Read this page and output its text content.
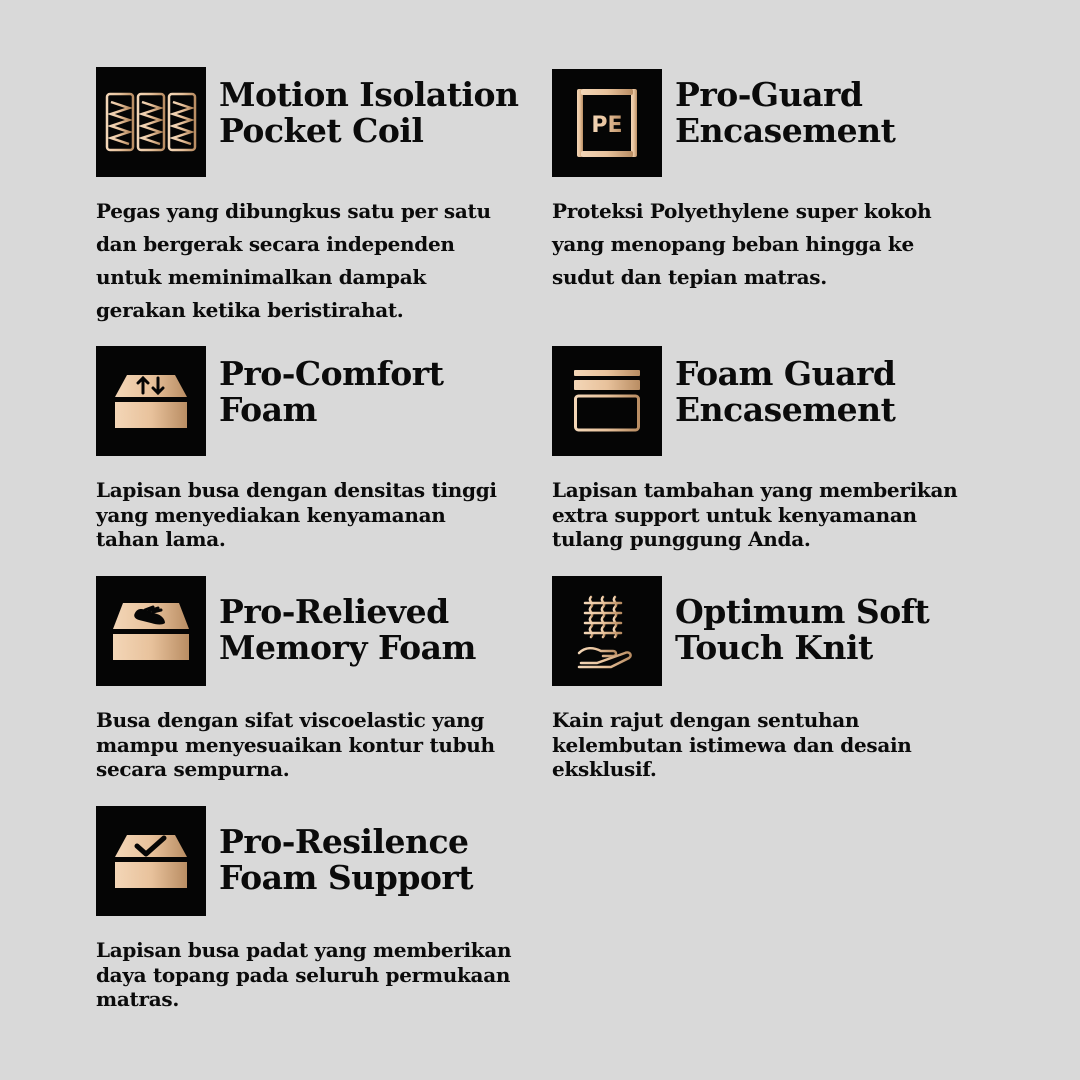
Motion Isolation
Pocket Coil
Pegas yang dibungkus satu per satu
dan bergerak secara independen
untuk meminimalkan dampak
gerakan ketika beristirahat.
PE
Pro-Guard
Encasement
Proteksi Polyethylene super kokoh
yang menopang beban hingga ke
sudut dan tepian matras.
Pro-Comfort
Foam
Lapisan busa dengan densitas tinggi
yang menyediakan kenyamanan
tahan lama.
Foam Guard
Encasement
Lapisan tambahan yang memberikan
extra support untuk kenyamanan
tulang punggung Anda.
Pro-Relieved
Memory Foam
Busa dengan sifat viscoelastic yang
mampu menyesuaikan kontur tubuh
secara sempurna.
Optimum Soft
Touch Knit
Kain rajut dengan sentuhan
kelembutan istimewa dan desain
eksklusif.
Pro-Resilence
Foam Support
Lapisan busa padat yang memberikan
daya topang pada seluruh permukaan
matras.
